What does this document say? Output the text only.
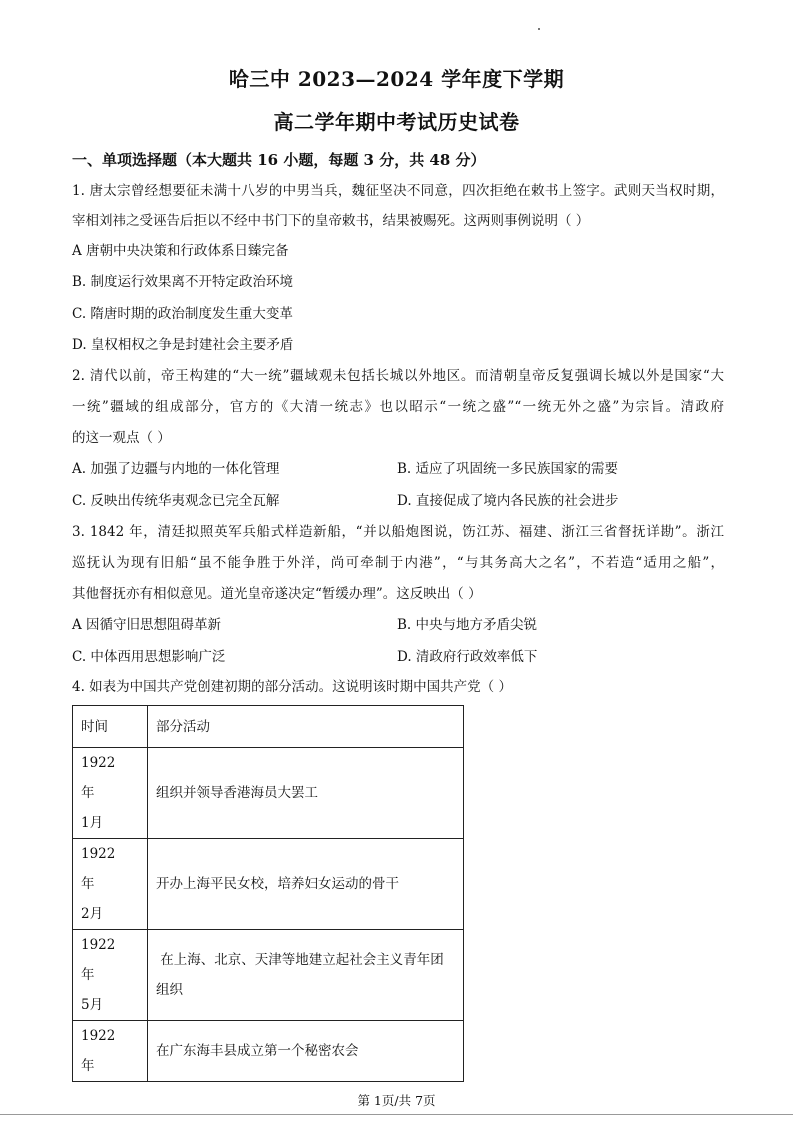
哈三中 2023—2024 学年度下学期
高二学年期中考试历史试卷
一、单项选择题（本大题共 16 小题，每题 3 分，共 48 分）
1. 唐太宗曾经想要征未满十八岁的中男当兵，魏征坚决不同意，四次拒绝在敕书上签字。武则天当权时期，
宰相刘祎之受诬告后拒以不经中书门下的皇帝敕书，结果被赐死。这两则事例说明（ ）
A 唐朝中央决策和行政体系日臻完备
B. 制度运行效果离不开特定政治环境
C. 隋唐时期的政治制度发生重大变革
D. 皇权相权之争是封建社会主要矛盾
2. 清代以前，帝王构建的“大一统”疆域观未包括长城以外地区。而清朝皇帝反复强调长城以外是国家“大
一统”疆域的组成部分，官方的《大清一统志》也以昭示“一统之盛”“一统无外之盛”为宗旨。清政府
的这一观点（ ）
A. 加强了边疆与内地的一体化管理	B. 适应了巩固统一多民族国家的需要
C. 反映出传统华夷观念已完全瓦解	D. 直接促成了境内各民族的社会进步
3. 1842 年，清廷拟照英军兵船式样造新船，“并以船炮图说，饬江苏、福建、浙江三省督抚详勘”。浙江
巡抚认为现有旧船“虽不能争胜于外洋，尚可牵制于内港”，“与其务高大之名”，不若造“适用之船”，
其他督抚亦有相似意见。道光皇帝遂决定“暂缓办理”。这反映出（ ）
A 因循守旧思想阻碍革新	B. 中央与地方矛盾尖锐
C. 中体西用思想影响广泛	D. 清政府行政效率低下
4. 如表为中国共产党创建初期的部分活动。这说明该时期中国共产党（ ）
时间	部分活动
1922   年
1月	组织并领导香港海员大罢工
1922   年
2月	开办上海平民女校，培养妇女运动的骨干
1922   年
5月	在上海、北京、天津等地建立起社会主义青年团
组织
1922   年	在广东海丰县成立第一个秘密农会
第 1页/共 7页
